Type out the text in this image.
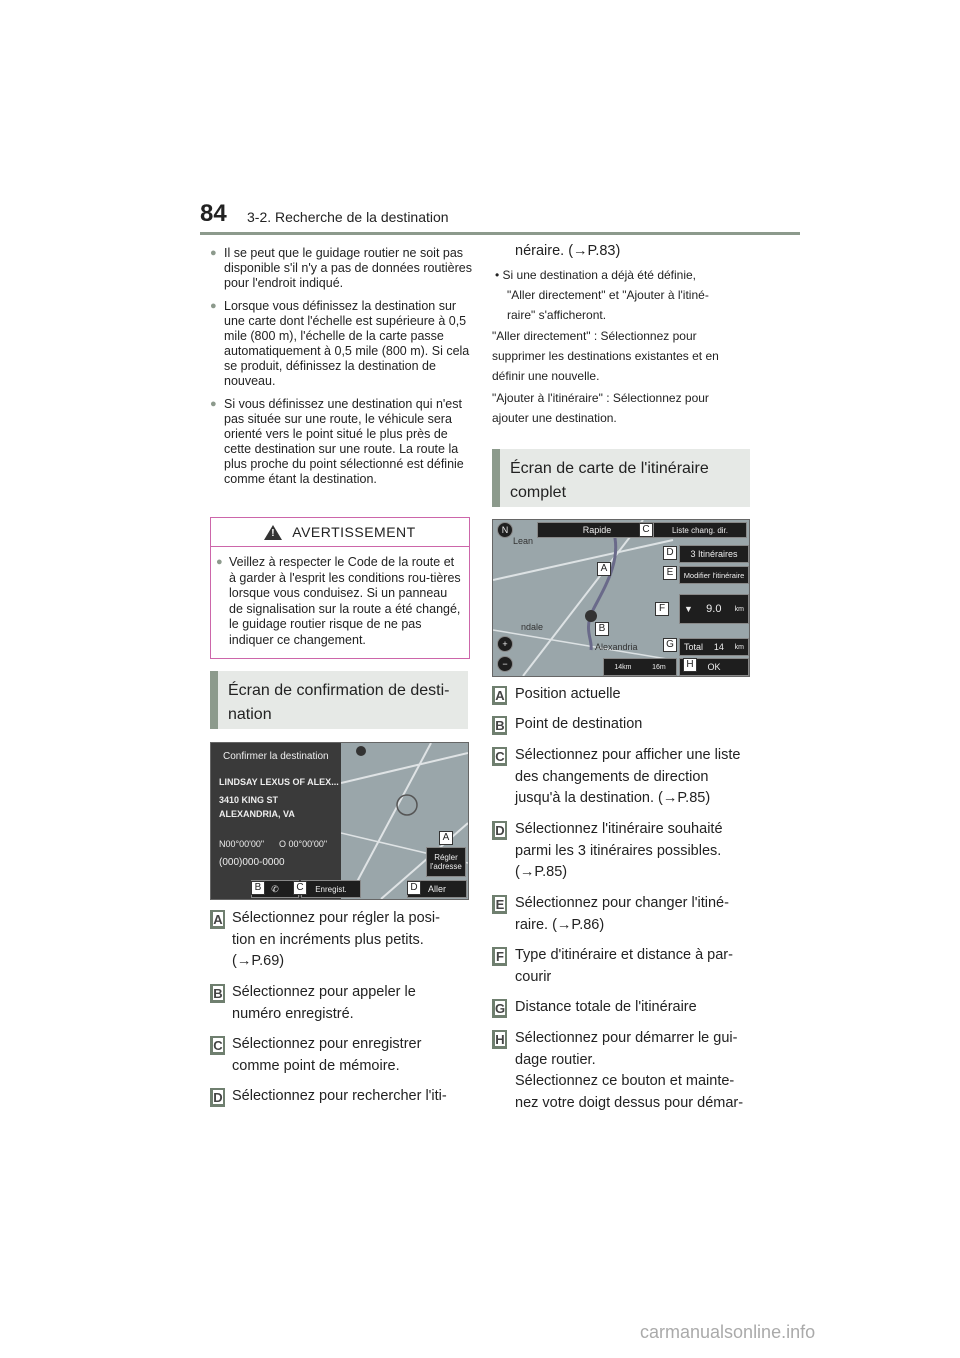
84 3-2. Recherche de la destination
● Il se peut que le guidage routier ne soit pas disponible s'il n'y a pas de données routières pour l'endroit indiqué.
● Lorsque vous définissez la destination sur une carte dont l'échelle est supérieure à 0,5 mile (800 m), l'échelle de la carte passe automatiquement à 0,5 mile (800 m). Si cela se produit, définissez la destination de nouveau.
● Si vous définissez une destination qui n'est pas située sur une route, le véhicule sera orienté vers le point situé le plus près de cette destination sur une route. La route la plus proche du point sélectionné est définie comme étant la destination.
! AVERTISSEMENT
● Veillez à respecter le Code de la route et à garder à l'esprit les conditions rou-tières lorsque vous conduisez. Si un panneau de signalisation sur la route a été changé, le guidage routier risque de ne pas indiquer ce changement.
Écran de confirmation de desti-nation
Confirmer la destination
LINDSAY LEXUS OF ALEX...
3410 KING ST
ALEXANDRIA, VA
N00°00'00" O 00°00'00"
(000)000-0000	Régler
l'adresse
✆	Enregist.	Aller
A
B	C	D
A Sélectionnez pour régler la posi-
tion en incréments plus petits.
(→P.69)
B Sélectionnez pour appeler le
numéro enregistré.
C Sélectionnez pour enregistrer
comme point de mémoire.
D Sélectionnez pour rechercher l'iti-
néraire. (→P.83)
• Si une destination a déjà été définie,
"Aller directement" et "Ajouter à l'itiné-
raire" s'afficheront.
"Aller directement" : Sélectionnez pour
supprimer les destinations existantes et en
définir une nouvelle.
"Ajouter à l'itinéraire" : Sélectionnez pour
ajouter une destination.
Écran de carte de l'itinéraire complet
Rapide	Liste chang. dir.
3 Itinéraires
Modifier l'itinéraire
▼ 9.0 km
Total 14 km
OK
14km	16m
Lean
ndale
Alexandria
N
+
−
A
B
C
D
E
F
G
H
A Position actuelle
B Point de destination
C Sélectionnez pour afficher une liste
des changements de direction
jusqu'à la destination. (→P.85)
D Sélectionnez l'itinéraire souhaité
parmi les 3 itinéraires possibles.
(→P.85)
E Sélectionnez pour changer l'itiné-
raire. (→P.86)
F Type d'itinéraire et distance à par-
courir
G Distance totale de l'itinéraire
H Sélectionnez pour démarrer le gui-
dage routier.
Sélectionnez ce bouton et mainte-
nez votre doigt dessus pour démar-
carmanualsonline.info
